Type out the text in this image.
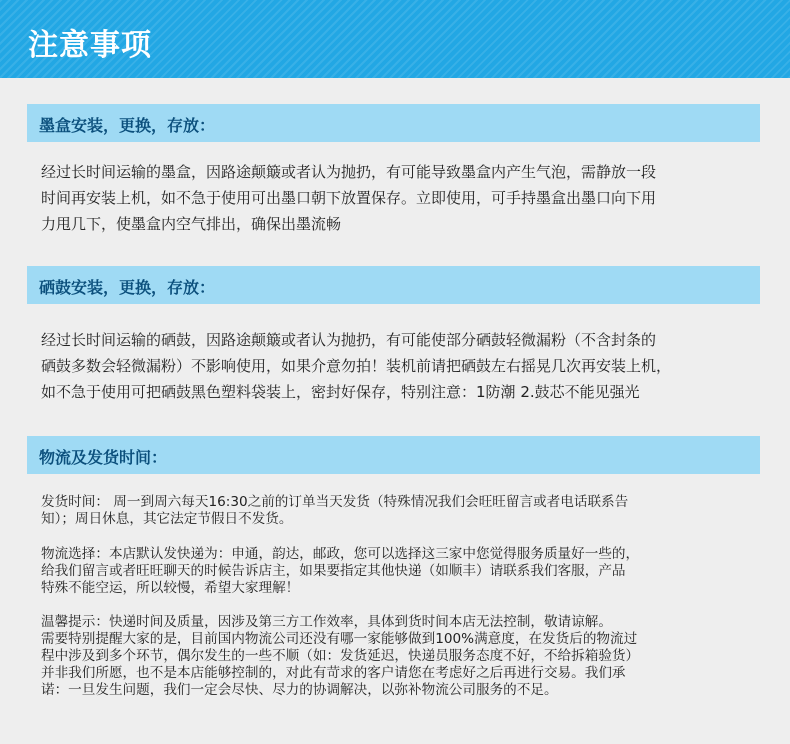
注意事项
墨盒安装，更换，存放：
经过长时间运输的墨盒，因路途颠簸或者认为抛扔，有可能导致墨盒内产生气泡，需静放一段
时间再安装上机，如不急于使用可出墨口朝下放置保存。立即使用，可手持墨盒出墨口向下用
力甩几下，使墨盒内空气排出，确保出墨流畅
硒鼓安装，更换，存放：
经过长时间运输的硒鼓，因路途颠簸或者认为抛扔，有可能使部分硒鼓轻微漏粉（不含封条的
硒鼓多数会轻微漏粉）不影响使用，如果介意勿拍！装机前请把硒鼓左右摇晃几次再安装上机，
如不急于使用可把硒鼓黑色塑料袋装上，密封好保存，特别注意：1防潮 2.鼓芯不能见强光
物流及发货时间：
发货时间： 周一到周六每天16:30之前的订单当天发货（特殊情况我们会旺旺留言或者电话联系告
知）；周日休息，其它法定节假日不发货。
物流选择：本店默认发快递为：申通，韵达，邮政，您可以选择这三家中您觉得服务质量好一些的，
给我们留言或者旺旺聊天的时候告诉店主，如果要指定其他快递（如顺丰）请联系我们客服，产品
特殊不能空运，所以较慢，希望大家理解！
温馨提示：快递时间及质量，因涉及第三方工作效率，具体到货时间本店无法控制，敬请谅解。
需要特别提醒大家的是，目前国内物流公司还没有哪一家能够做到100%满意度，在发货后的物流过
程中涉及到多个环节，偶尔发生的一些不顺（如：发货延迟，快递员服务态度不好，不给拆箱验货）
并非我们所愿，也不是本店能够控制的，对此有苛求的客户请您在考虑好之后再进行交易。我们承
诺：一旦发生问题，我们一定会尽快、尽力的协调解决，以弥补物流公司服务的不足。
